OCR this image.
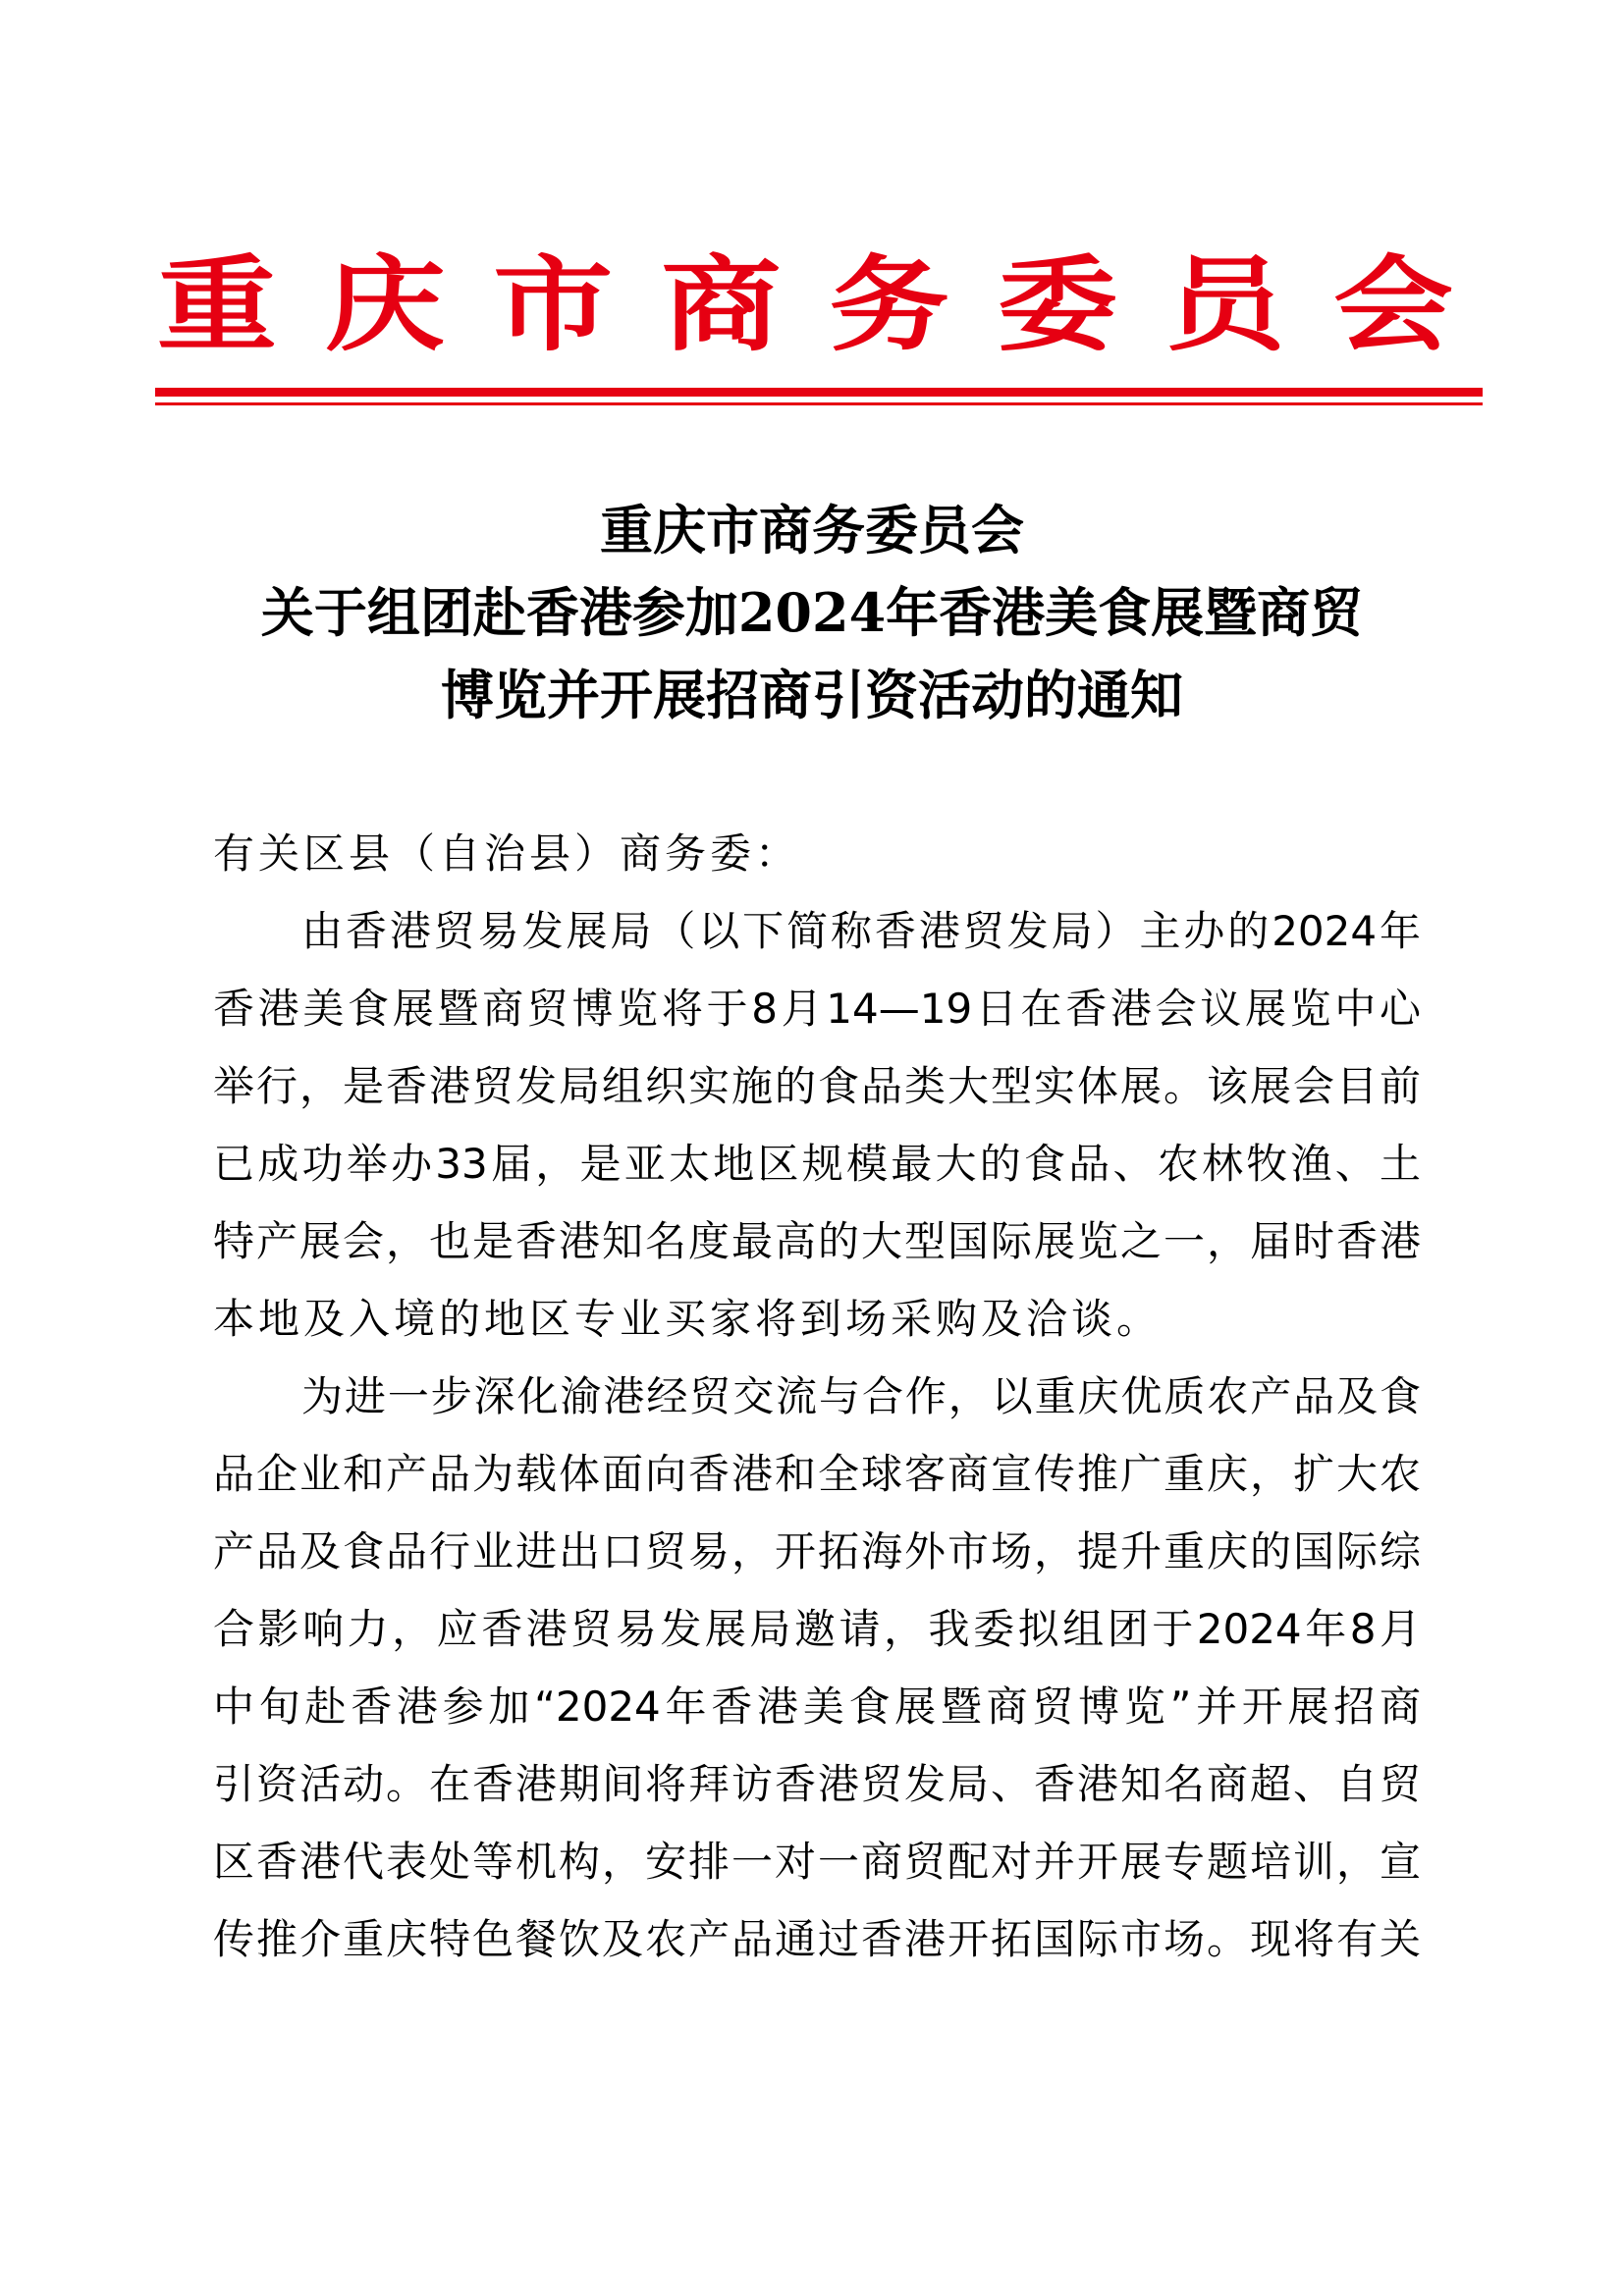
重 庆 市 商 务 委 员 会
重庆市商务委员会
关于组团赴香港参加2024年香港美食展暨商贸
博览并开展招商引资活动的通知
有关区县（自治县）商务委：
由香港贸易发展局（以下简称香港贸发局）主办的2024年
香港美食展暨商贸博览将于8月14—19日在香港会议展览中心
举行，是香港贸发局组织实施的食品类大型实体展。该展会目前
已成功举办33届，是亚太地区规模最大的食品、农林牧渔、土
特产展会，也是香港知名度最高的大型国际展览之一，届时香港
本地及入境的地区专业买家将到场采购及洽谈。
为进一步深化渝港经贸交流与合作，以重庆优质农产品及食
品企业和产品为载体面向香港和全球客商宣传推广重庆，扩大农
产品及食品行业进出口贸易，开拓海外市场，提升重庆的国际综
合影响力，应香港贸易发展局邀请，我委拟组团于2024年8月
中旬赴香港参加“2024年香港美食展暨商贸博览”并开展招商
引资活动。在香港期间将拜访香港贸发局、香港知名商超、自贸
区香港代表处等机构，安排一对一商贸配对并开展专题培训，宣
传推介重庆特色餐饮及农产品通过香港开拓国际市场。现将有关
